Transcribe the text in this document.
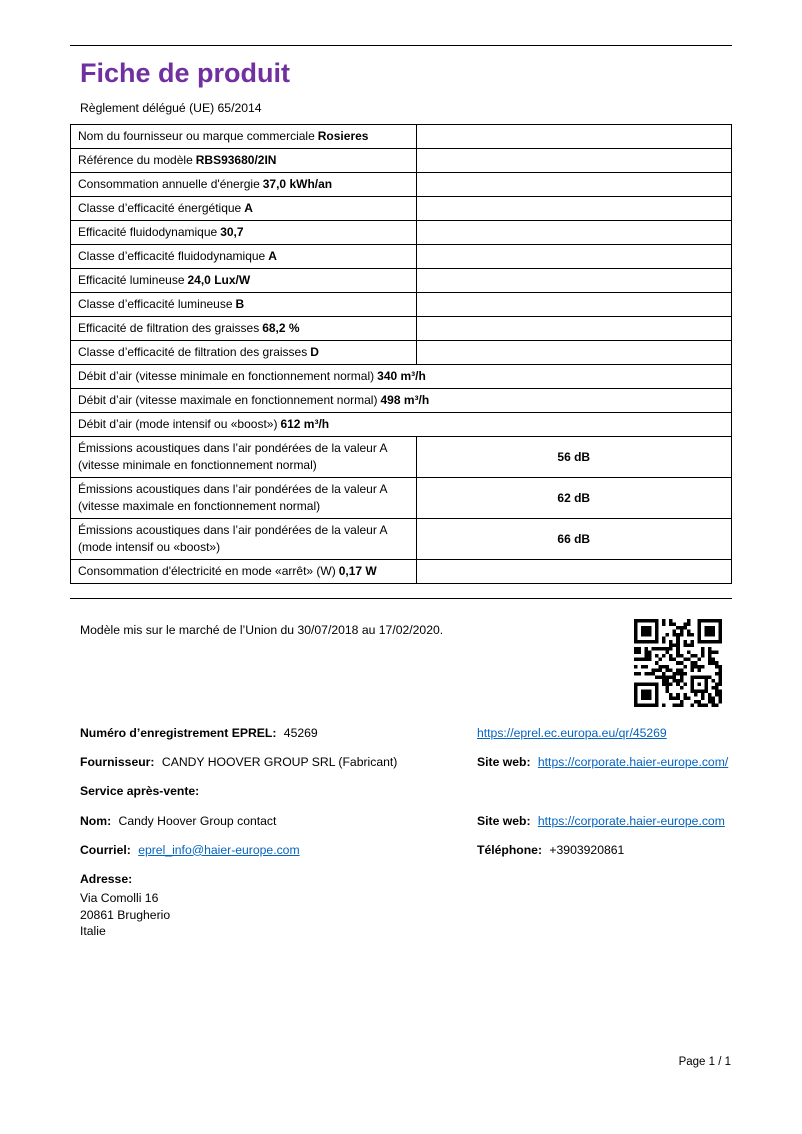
Fiche de produit
Règlement délégué (UE) 65/2014
Nom du fournisseur ou marque commerciale Rosieres	
Référence du modèle RBS93680/2IN	
Consommation annuelle d'énergie 37,0 kWh/an	
Classe d’efficacité énergétique A	
Efficacité fluidodynamique 30,7	
Classe d’efficacité fluidodynamique A	
Efficacité lumineuse 24,0 Lux/W	
Classe d’efficacité lumineuse B	
Efficacité de filtration des graisses 68,2 %	
Classe d’efficacité de filtration des graisses D	
Débit d’air (vitesse minimale en fonctionnement normal) 340 m³/h	
Débit d’air (vitesse maximale en fonctionnement normal) 498 m³/h	
Débit d’air (mode intensif ou «boost») 612 m³/h	
Émissions acoustiques dans l’air pondérées de la valeur A (vitesse minimale en fonctionnement normal)	56 dB
Émissions acoustiques dans l’air pondérées de la valeur A (vitesse maximale en fonctionnement normal)	62 dB
Émissions acoustiques dans l’air pondérées de la valeur A (mode intensif ou «boost»)	66 dB
Consommation d'électricité en mode «arrêt» (W) 0,17 W	

Modèle mis sur le marché de l’Union du 30/07/2018 au 17/02/2020.

Numéro d’enregistrement EPREL: 45269	https://eprel.ec.europa.eu/qr/45269
Fournisseur: CANDY HOOVER GROUP SRL (Fabricant)	Site web: https://corporate.haier-europe.com/
Service après-vente:
Nom: Candy Hoover Group contact	Site web: https://corporate.haier-europe.com
Courriel: eprel_info@haier-europe.com	Téléphone: +3903920861
Adresse:
Via Comolli 16
20861 Brugherio
Italie
Page 1 / 1
